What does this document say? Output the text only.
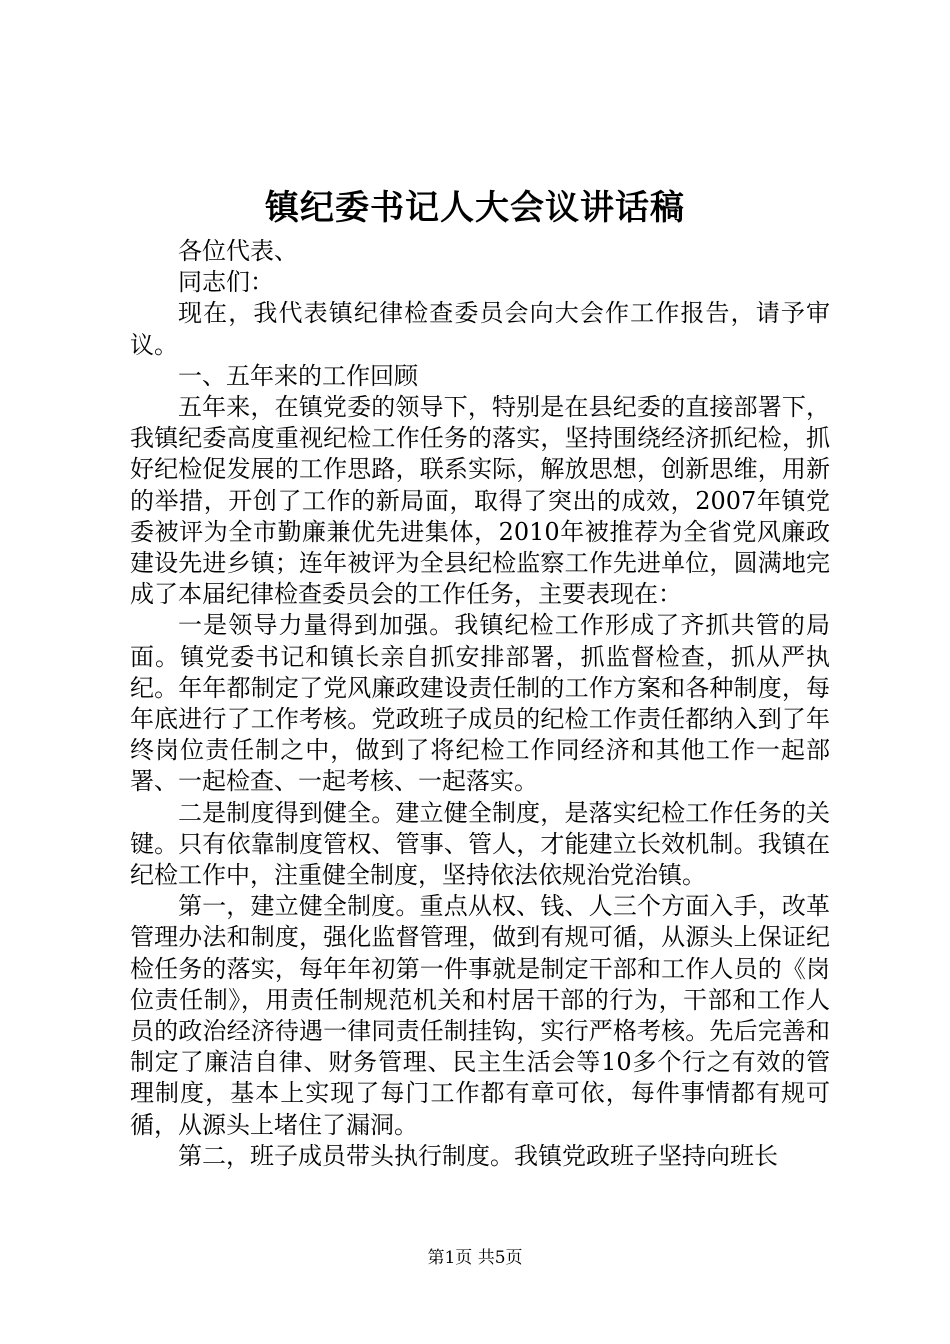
镇纪委书记人大会议讲话稿

各位代表、

同志们：

现在，我代表镇纪律检查委员会向大会作工作报告，请予审议。

一、五年来的工作回顾

五年来，在镇党委的领导下，特别是在县纪委的直接部署下，我镇纪委高度重视纪检工作任务的落实，坚持围绕经济抓纪检，抓好纪检促发展的工作思路，联系实际，解放思想，创新思维，用新的举措，开创了工作的新局面，取得了突出的成效，2007年镇党委被评为全市勤廉兼优先进集体，2010年被推荐为全省党风廉政建设先进乡镇；连年被评为全县纪检监察工作先进单位，圆满地完成了本届纪律检查委员会的工作任务，主要表现在：

一是领导力量得到加强。我镇纪检工作形成了齐抓共管的局面。镇党委书记和镇长亲自抓安排部署，抓监督检查，抓从严执纪。年年都制定了党风廉政建设责任制的工作方案和各种制度，每年底进行了工作考核。党政班子成员的纪检工作责任都纳入到了年终岗位责任制之中，做到了将纪检工作同经济和其他工作一起部署、一起检查、一起考核、一起落实。

二是制度得到健全。建立健全制度，是落实纪检工作任务的关键。只有依靠制度管权、管事、管人，才能建立长效机制。我镇在纪检工作中，注重健全制度，坚持依法依规治党治镇。

第一，建立健全制度。重点从权、钱、人三个方面入手，改革管理办法和制度，强化监督管理，做到有规可循，从源头上保证纪检任务的落实，每年年初第一件事就是制定干部和工作人员的《岗位责任制》，用责任制规范机关和村居干部的行为，干部和工作人员的政治经济待遇一律同责任制挂钩，实行严格考核。先后完善和制定了廉洁自律、财务管理、民主生活会等10多个行之有效的管理制度，基本上实现了每门工作都有章可依，每件事情都有规可循，从源头上堵住了漏洞。

第二，班子成员带头执行制度。我镇党政班子坚持向班长

第1页 共5页
